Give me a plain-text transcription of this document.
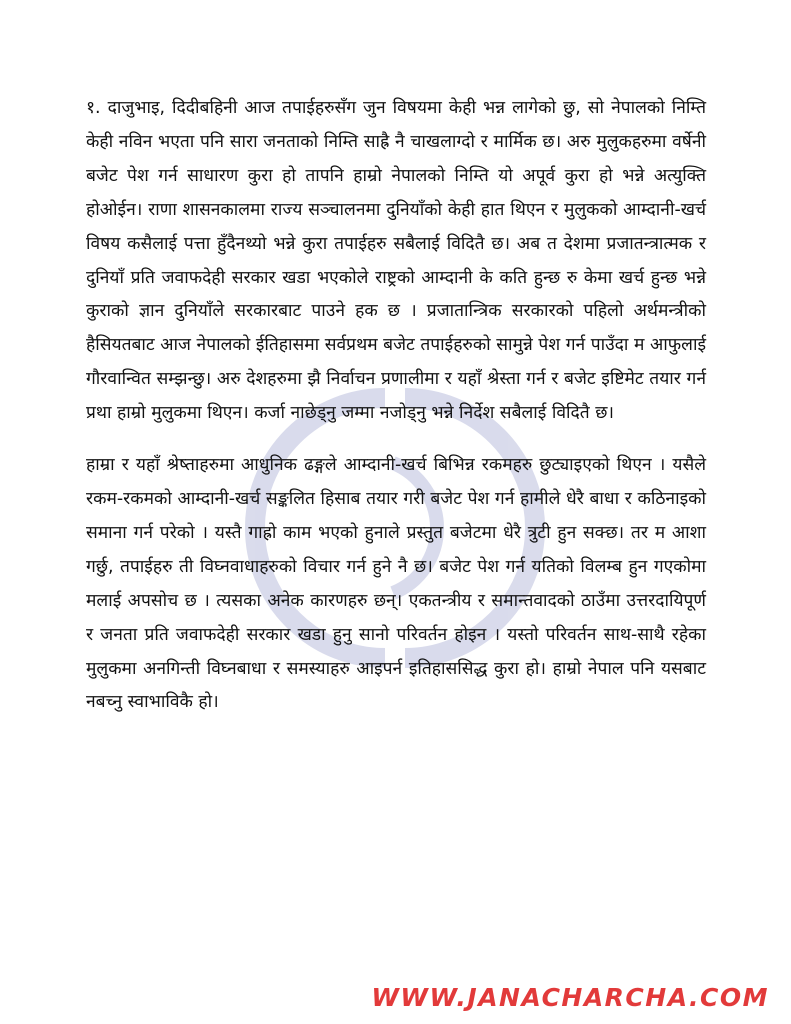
१. दाजुभाइ, दिदीबहिनी आज तपाईहरुसँग जुन विषयमा केही भन्न लागेको छु, सो नेपालको निम्ति केही नविन भएता पनि सारा जनताको निम्ति साह्रै नै चाखलाग्दो र मार्मिक छ। अरु मुलुकहरुमा वर्षेनी बजेट पेश गर्न साधारण कुरा हो तापनि हाम्रो नेपालको निम्ति यो अपूर्व कुरा हो भन्ने अत्युक्ति होओईन। राणा शासनकालमा राज्य सञ्चालनमा दुनियाँको केही हात थिएन र मुलुकको आम्दानी-खर्च विषय कसैलाई पत्ता हुँदैनथ्यो भन्ने कुरा तपाईहरु सबैलाई विदितै छ। अब त देशमा प्रजातन्त्रात्मक र दुनियाँ प्रति जवाफदेही सरकार खडा भएकोले राष्ट्रको आम्दानी के कति हुन्छ रु केमा खर्च हुन्छ भन्ने कुराको ज्ञान दुनियाँले सरकारबाट पाउने हक छ । प्रजातान्त्रिक सरकारको पहिलो अर्थमन्त्रीको हैसियतबाट आज नेपालको ईतिहासमा सर्वप्रथम बजेट तपाईहरुको सामुन्ने पेश गर्न पाउँदा म आफुलाई गौरवान्वित सम्झन्छु। अरु देशहरुमा झै निर्वाचन प्रणालीमा र यहाँ श्रेस्ता गर्न र बजेट इष्टिमेट तयार गर्न प्रथा हाम्रो मुलुकमा थिएन। कर्जा नाछेड्नु जम्मा नजोड्नु भन्ने निर्देश सबैलाई विदितै छ।

हाम्रा र यहाँ श्रेष्ताहरुमा आधुनिक ढङ्गले आम्दानी-खर्च बिभिन्न रकमहरु छुट्याइएको थिएन । यसैले रकम-रकमको आम्दानी-खर्च सङ्कलित हिसाब तयार गरी बजेट पेश गर्न हामीले धेरै बाधा र कठिनाइको समाना गर्न परेको । यस्तै गाह्रो काम भएको हुनाले प्रस्तुत बजेटमा धेरै त्रुटी हुन सक्छ। तर म आशा गर्छु, तपाईहरु ती विघ्नवाधाहरुको विचार गर्न हुने नै छ। बजेट पेश गर्न यतिको विलम्ब हुन गएकोमा मलाई अपसोच छ । त्यसका अनेक कारणहरु छन्। एकतन्त्रीय र समान्तवादको ठाउँमा उत्तरदायिपूर्ण र जनता प्रति जवाफदेही सरकार खडा हुनु सानो परिवर्तन होइन । यस्तो परिवर्तन साथ-साथै रहेका मुलुकमा अनगिन्ती विघ्नबाधा र समस्याहरु आइपर्न इतिहाससिद्ध कुरा हो। हाम्रो नेपाल पनि यसबाट नबच्नु स्वाभाविकै हो।

WWW.JANACHARCHA.COM
